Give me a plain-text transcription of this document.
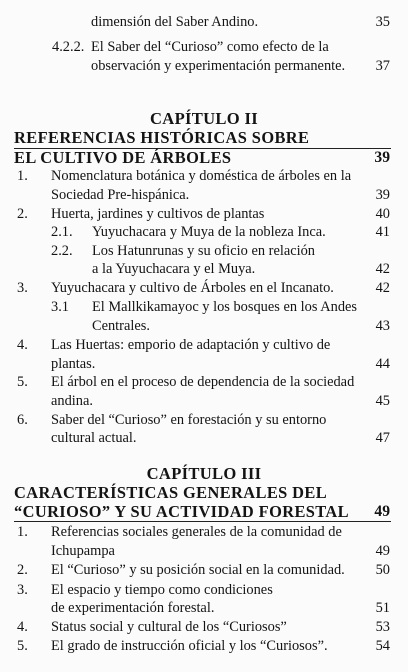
dimensión del Saber Andino.	35
4.2.2. El Saber del “Curioso” como efecto de la
observación y experimentación permanente. 37
CAPÍTULO II
REFERENCIAS HISTÓRICAS SOBRE
EL CULTIVO DE ÁRBOLES	39
1. Nomenclatura botánica y doméstica de árboles en la
Sociedad Pre-hispánica.	39
2. Huerta, jardines y cultivos de plantas	40
2.1. Yuyuchacara y Muya de la nobleza Inca.	41
2.2. Los Hatunrunas y su oficio en relación
a la Yuyuchacara y el Muya.	42
3. Yuyuchacara y cultivo de Árboles en el Incanato.	42
3.1 El Mallkikamayoc y los bosques en los Andes
Centrales.	43
4. Las Huertas: emporio de adaptación y cultivo de
plantas.	44
5. El árbol en el proceso de dependencia de la sociedad
andina.	45
6. Saber del “Curioso” en forestación y su entorno
cultural actual.	47
CAPÍTULO III
CARACTERÍSTICAS GENERALES DEL
“CURIOSO” Y SU ACTIVIDAD FORESTAL 49
1. Referencias sociales generales de la comunidad de
Ichupampa	49
2. El “Curioso” y su posición social en la comunidad. 50
3. El espacio y tiempo como condiciones
de experimentación forestal.	51
4. Status social y cultural de los “Curiosos”	53
5. El grado de instrucción oficial y los “Curiosos”.	54
